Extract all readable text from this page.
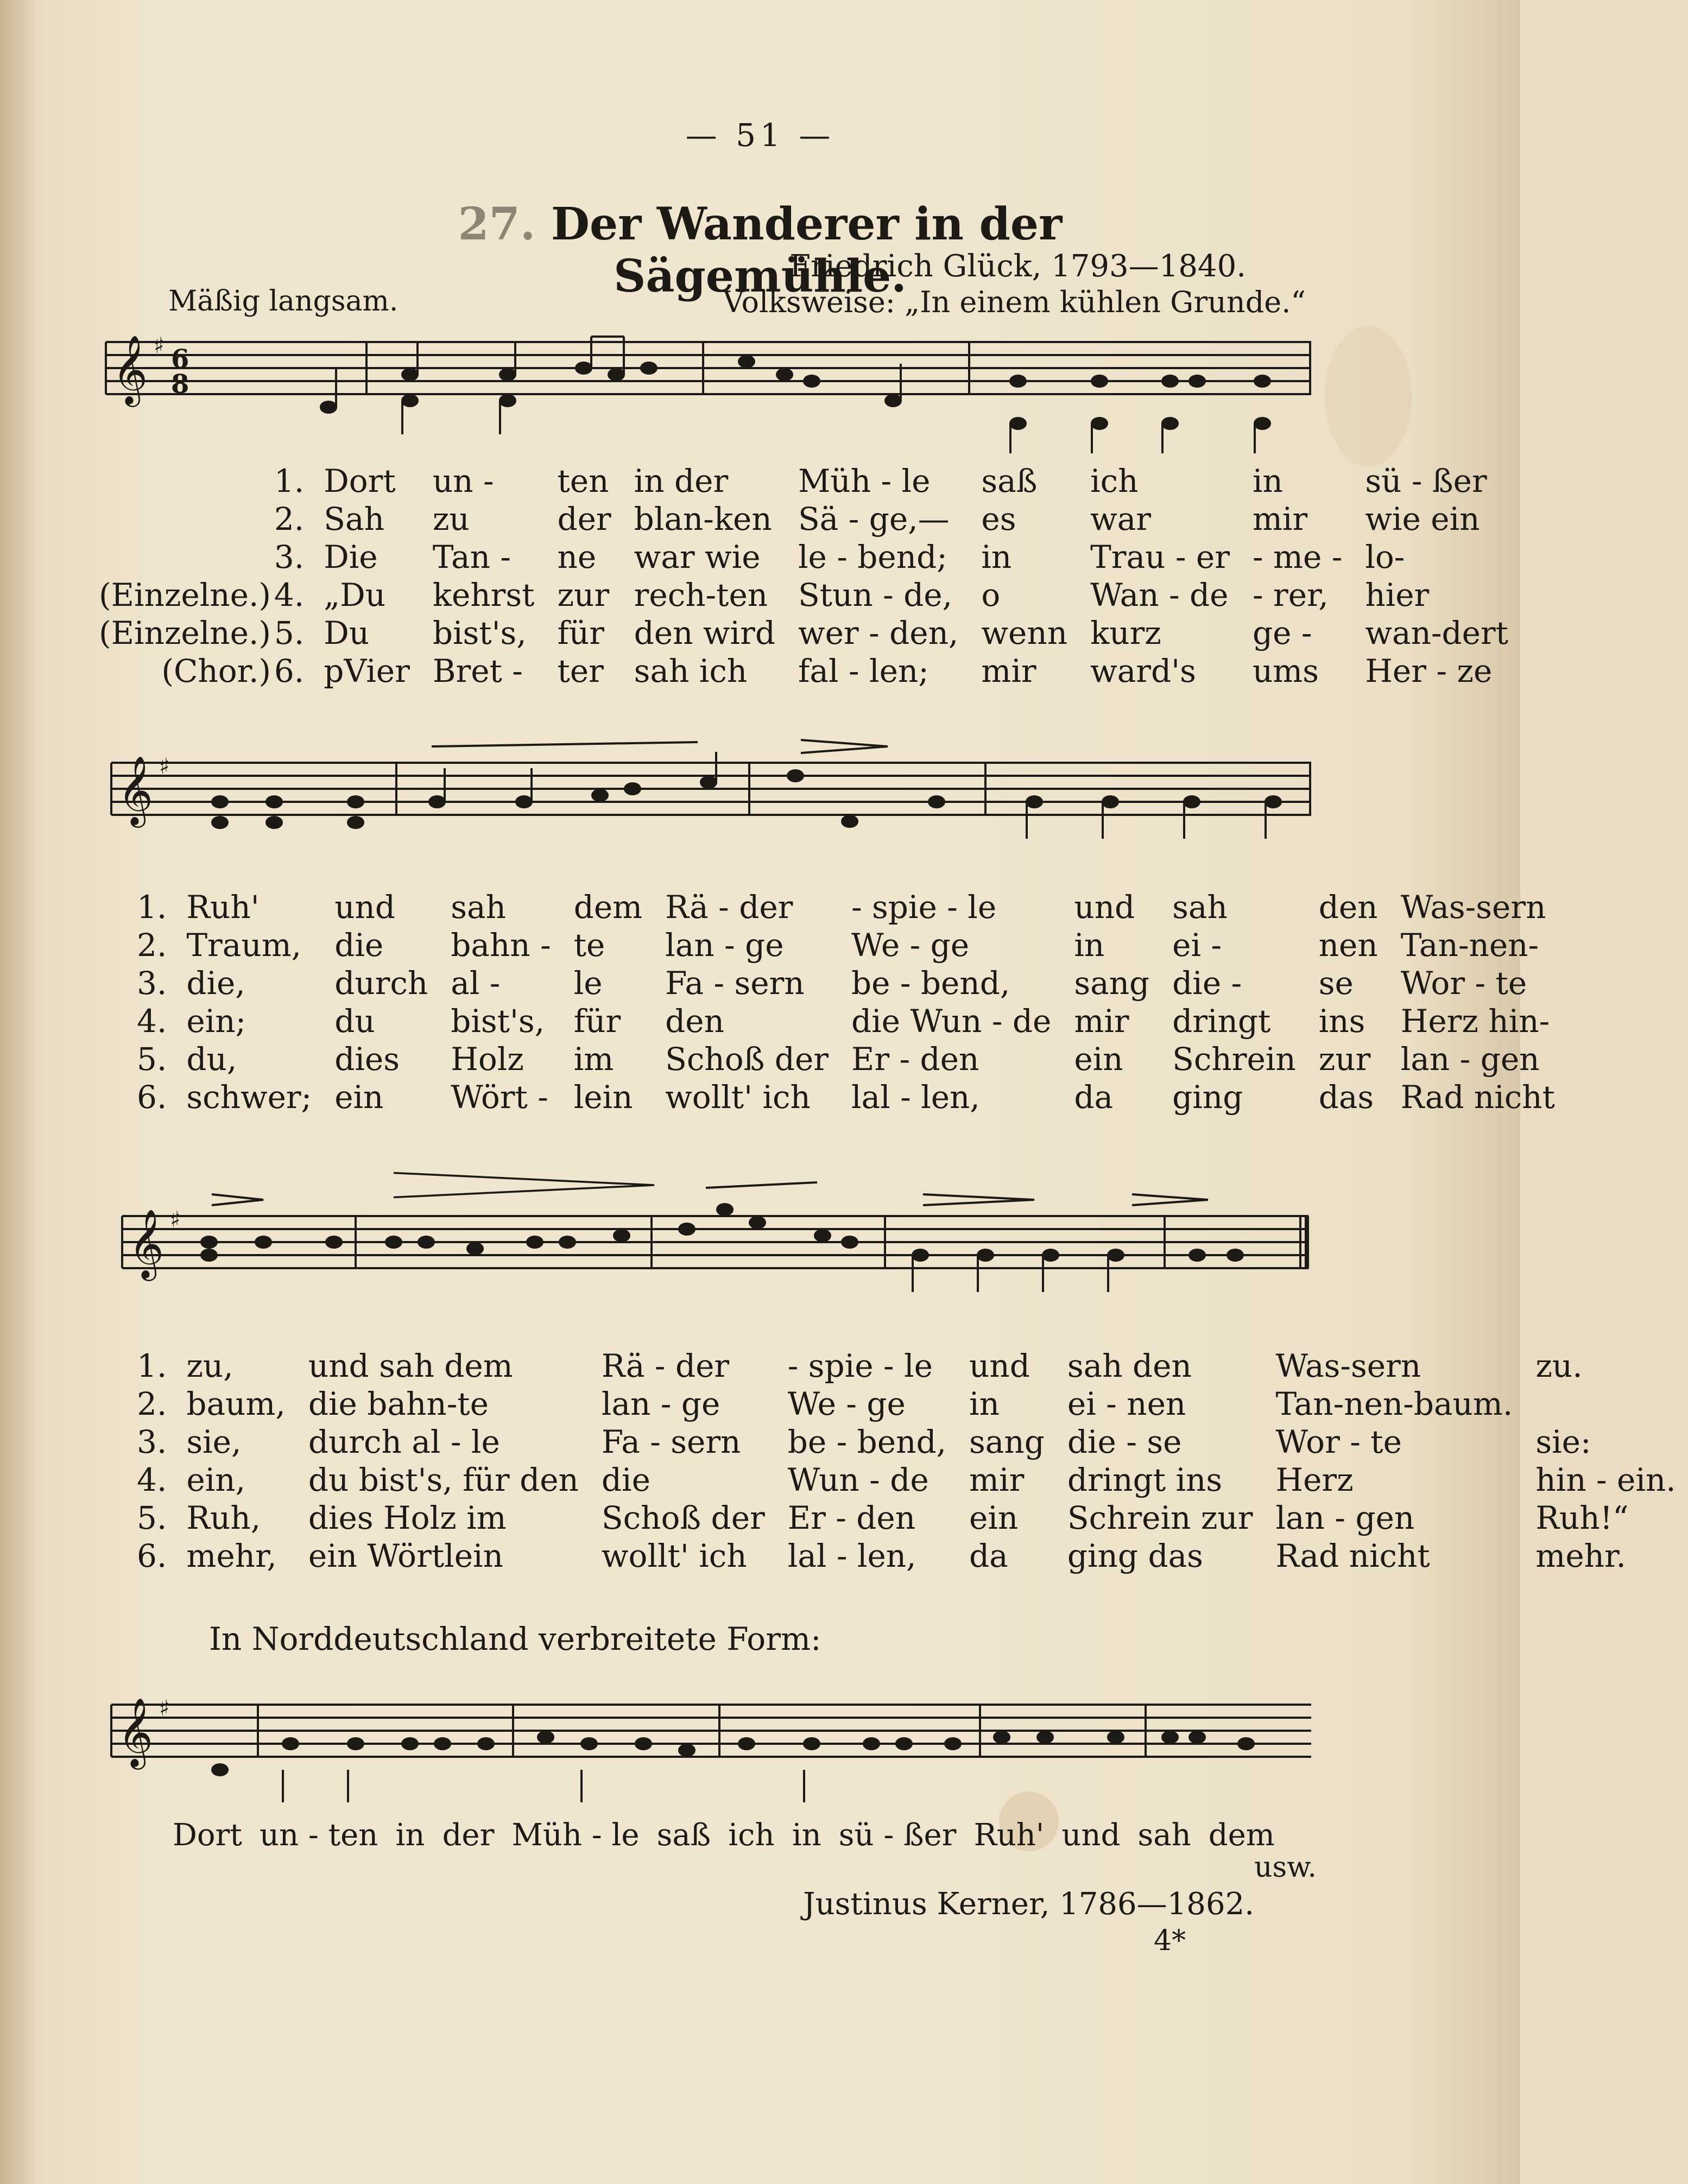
— 51 —
27. Der Wanderer in der Sägemühle.
Friedrich Glück, 1793—1840.
Mäßig langsam.	Volksweise: „In einem kühlen Grunde.“
𝄞 ♯ 6
8
	1.	Dort	un -	ten	in der	Müh - le	saß	ich	in	sü - ßer
	2.	Sah	zu	der	blan-ken	Sä - ge,—	es	war	mir	wie ein
	3.	Die	Tan -	ne	war wie	le - bend;	in	Trau - er	- me -	lo-
(Einzelne.)	4.	„Du	kehrst	zur	rech-ten	Stun - de,	o	Wan - de	- rer,	hier
(Einzelne.)	5.	Du	bist's,	für	den wird	wer - den,	wenn	kurz	ge -	wan-dert
(Chor.)	6.	pVier	Bret -	ter	sah ich	fal - len;	mir	ward's	ums	Her - ze
𝄞 ♯
1.	Ruh'	und	sah	dem	Rä - der	- spie - le	und	sah	den	Was-sern
2.	Traum,	die	bahn -	te	lan - ge	We - ge	in	ei -	nen	Tan-nen-
3.	die,	durch	al -	le	Fa - sern	be - bend,	sang	die -	se	Wor - te
4.	ein;	du	bist's,	für	den	die Wun - de	mir	dringt	ins	Herz hin-
5.	du,	dies	Holz	im	Schoß der	Er - den	ein	Schrein	zur	lan - gen
6.	schwer;	ein	Wört -	lein	wollt' ich	lal - len,	da	ging	das	Rad nicht
𝄞 ♯
1.	zu,	und sah dem	Rä - der	- spie - le	und	sah den	Was-sern	zu.
2.	baum,	die bahn-te	lan - ge	We - ge	in	ei - nen	Tan-nen-baum.	
3.	sie,	durch al - le	Fa - sern	be - bend,	sang	die - se	Wor - te	sie:
4.	ein,	du bist's, für den	die	Wun - de	mir	dringt ins	Herz	hin - ein.
5.	Ruh,	dies Holz im	Schoß der	Er - den	ein	Schrein zur	lan - gen	Ruh!“
6.	mehr,	ein Wörtlein	wollt' ich	lal - len,	da	ging das	Rad nicht	mehr.
In Norddeutschland verbreitete Form:
𝄞 ♯
Dort un - ten in der Müh - le saß ich in sü - ßer Ruh' und sah dem
usw.
Justinus Kerner, 1786—1862.
4*
